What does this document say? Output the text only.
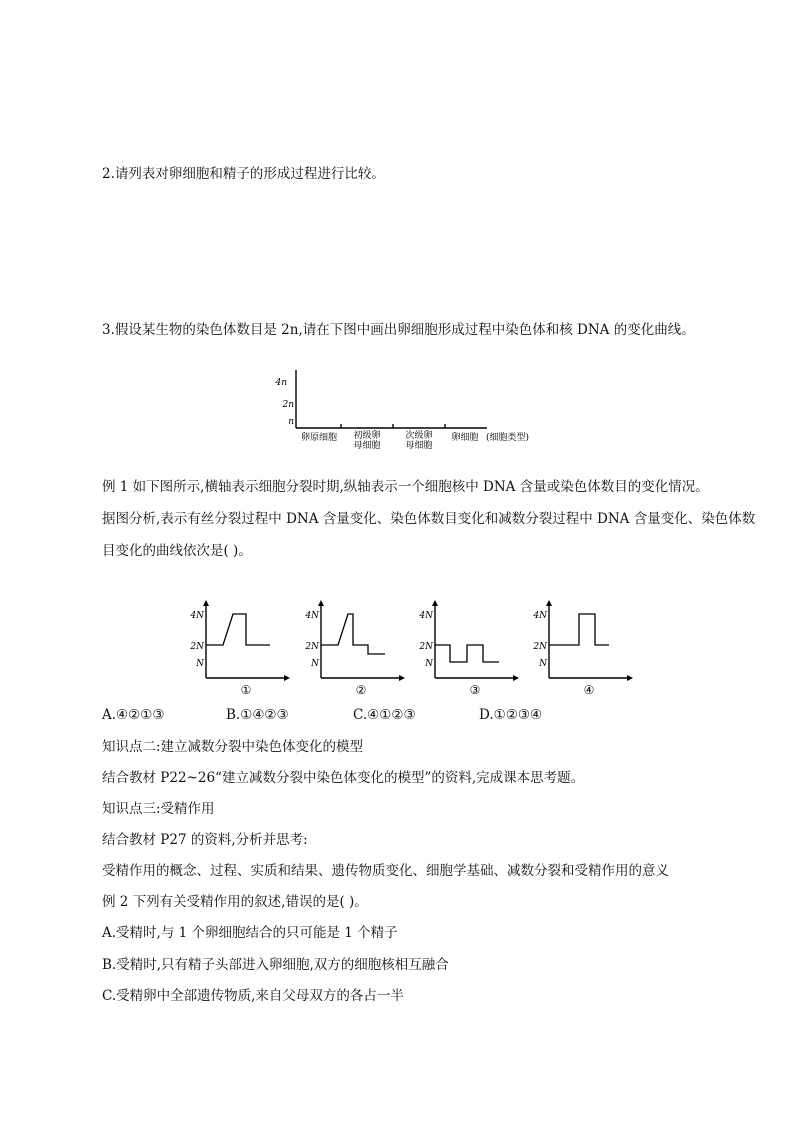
2.请列表对卵细胞和精子的形成过程进行比较。
3.假设某生物的染色体数目是 2n,请在下图中画出卵细胞形成过程中染色体和核 DNA 的变化曲线。
4n
2n
n
卵原细胞 初级卵
母细胞
次级卵
母细胞
卵细胞 (细胞类型)
例 1 如下图所示,横轴表示细胞分裂时期,纵轴表示一个细胞核中 DNA 含量或染色体数目的变化情况。
据图分析,表示有丝分裂过程中 DNA 含量变化、染色体数目变化和减数分裂过程中 DNA 含量变化、染色体数
目变化的曲线依次是( )。
4N
2N
N
①
4N
2N
N
②
4N
2N
N
③
4N
2N
N
④
A.④②①③	B.①④②③	C.④①②③	D.①②③④
知识点二:建立减数分裂中染色体变化的模型
结合教材 P22~26“建立减数分裂中染色体变化的模型”的资料,完成课本思考题。
知识点三:受精作用
结合教材 P27 的资料,分析并思考:
受精作用的概念、过程、实质和结果、遗传物质变化、细胞学基础、减数分裂和受精作用的意义
例 2 下列有关受精作用的叙述,错误的是( )。
A.受精时,与 1 个卵细胞结合的只可能是 1 个精子
B.受精时,只有精子头部进入卵细胞,双方的细胞核相互融合
C.受精卵中全部遗传物质,来自父母双方的各占一半
